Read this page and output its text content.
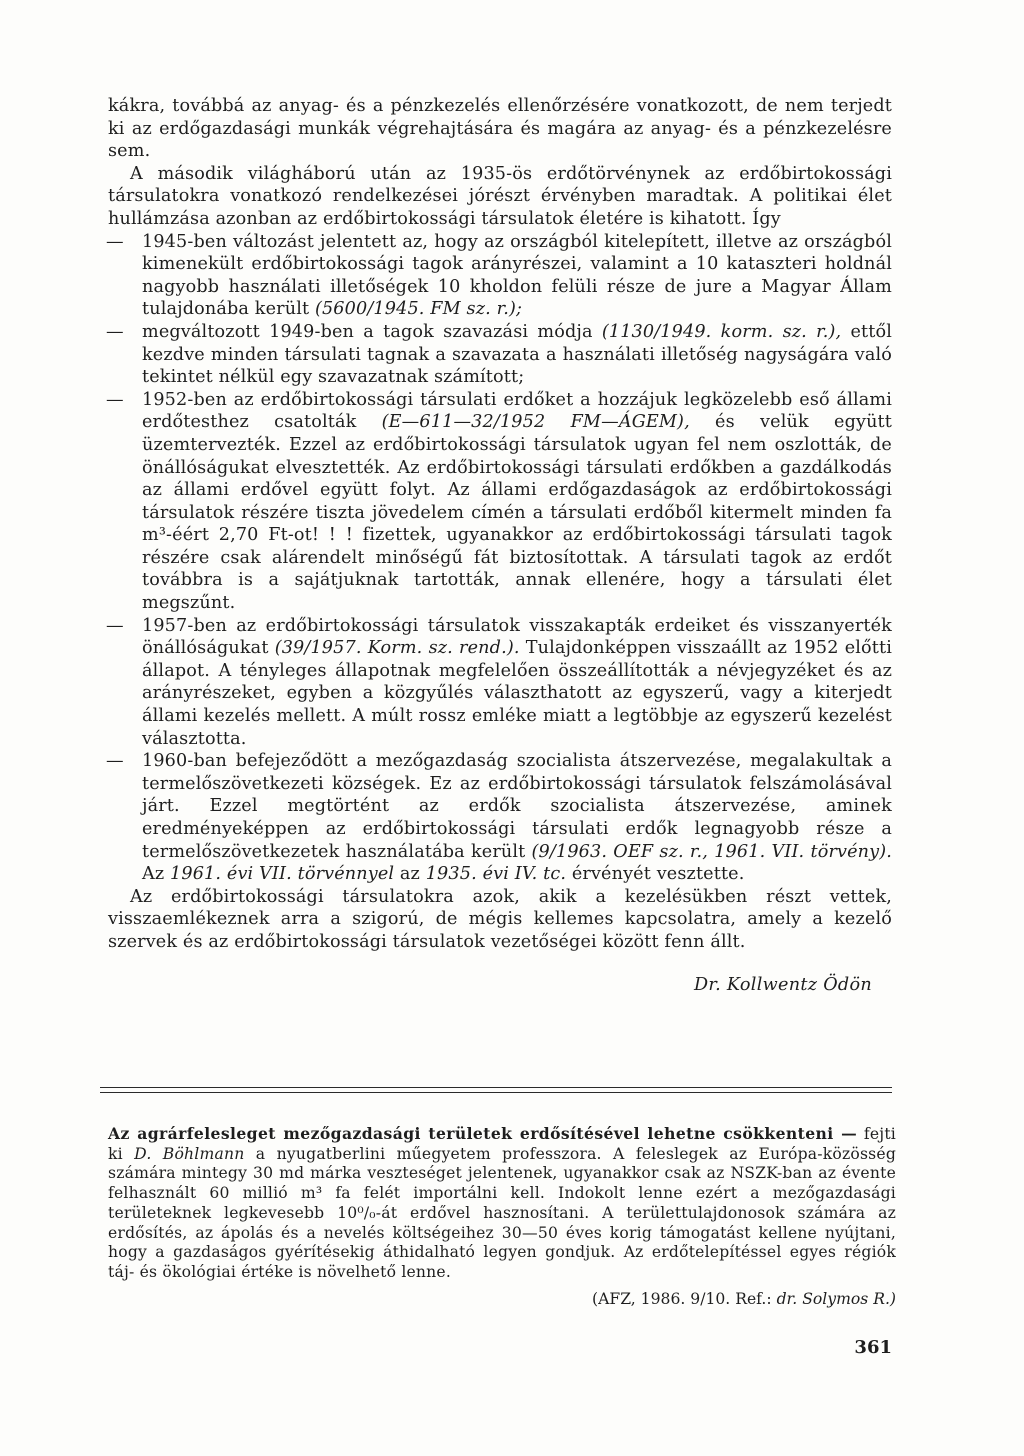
kákra, továbbá az anyag- és a pénzkezelés ellenőrzésére vonatkozott, de nem terjedt ki az erdőgazdasági munkák végrehajtására és magára az anyag- és a pénzkezelésre sem.

A második világháború után az 1935-ös erdőtörvénynek az erdőbirtokossági társulatokra vonatkozó rendelkezései jórészt érvényben maradtak. A politikai élet hullámzása azonban az erdőbirtokossági társulatok életére is kihatott. Így

— 1945-ben változást jelentett az, hogy az országból kitelepített, illetve az országból kimenekült erdőbirtokossági tagok arányrészei, valamint a 10 kataszteri holdnál nagyobb használati illetőségek 10 kholdon felüli része de jure a Magyar Állam tulajdonába került (5600/1945. FM sz. r.);
— megváltozott 1949-ben a tagok szavazási módja (1130/1949. korm. sz. r.), ettől kezdve minden társulati tagnak a szavazata a használati illetőség nagyságára való tekintet nélkül egy szavazatnak számított;
— 1952-ben az erdőbirtokossági társulati erdőket a hozzájuk legközelebb eső állami erdőtesthez csatolták (E—611—32/1952 FM—ÁGEM), és velük együtt üzemtervezték. Ezzel az erdőbirtokossági társulatok ugyan fel nem oszlották, de önállóságukat elvesztették. Az erdőbirtokossági társulati erdőkben a gazdálkodás az állami erdővel együtt folyt. Az állami erdőgazdaságok az erdőbirtokossági társulatok részére tiszta jövedelem címén a társulati erdőből kitermelt minden fa m³-éért 2,70 Ft-ot! ! ! fizettek, ugyanakkor az erdőbirtokossági társulati tagok részére csak alárendelt minőségű fát biztosítottak. A társulati tagok az erdőt továbbra is a sajátjuknak tartották, annak ellenére, hogy a társulati élet megszűnt.
— 1957-ben az erdőbirtokossági társulatok visszakapták erdeiket és visszanyerték önállóságukat (39/1957. Korm. sz. rend.). Tulajdonképpen visszaállt az 1952 előtti állapot. A tényleges állapotnak megfelelően összeállították a névjegyzéket és az arányrészeket, egyben a közgyűlés választhatott az egyszerű, vagy a kiterjedt állami kezelés mellett. A múlt rossz emléke miatt a legtöbbje az egyszerű kezelést választotta.
— 1960-ban befejeződött a mezőgazdaság szocialista átszervezése, megalakultak a termelőszövetkezeti községek. Ez az erdőbirtokossági társulatok felszámolásával járt. Ezzel megtörtént az erdők szocialista átszervezése, aminek eredményeképpen az erdőbirtokossági társulati erdők legnagyobb része a termelőszövetkezetek használatába került (9/1963. OEF sz. r., 1961. VII. törvény). Az 1961. évi VII. törvénnyel az 1935. évi IV. tc. érvényét vesztette.

Az erdőbirtokossági társulatokra azok, akik a kezelésükben részt vettek, visszaemlékeznek arra a szigorú, de mégis kellemes kapcsolatra, amely a kezelő szervek és az erdőbirtokossági társulatok vezetőségei között fenn állt.

Dr. Kollwentz Ödön
Az agrárfelesleget mezőgazdasági területek erdősítésével lehetne csökkenteni — fejti ki D. Böhlmann a nyugatberlini műegyetem professzora. A feleslegek az Európa-közösség számára mintegy 30 md márka veszteséget jelentenek, ugyanakkor csak az NSZK-ban az évente felhasznált 60 millió m³ fa felét importálni kell. Indokolt lenne ezért a mezőgazdasági területeknek legkevesebb 10⁰/₀-át erdővel hasznosítani. A területtulajdonosok számára az erdősítés, az ápolás és a nevelés költségeihez 30—50 éves korig támogatást kellene nyújtani, hogy a gazdaságos gyérítésekig áthidalható legyen gondjuk. Az erdőtelepítéssel egyes régiók táj- és ökológiai értéke is növelhető lenne.
(AFZ, 1986. 9/10. Ref.: dr. Solymos R.)
361
